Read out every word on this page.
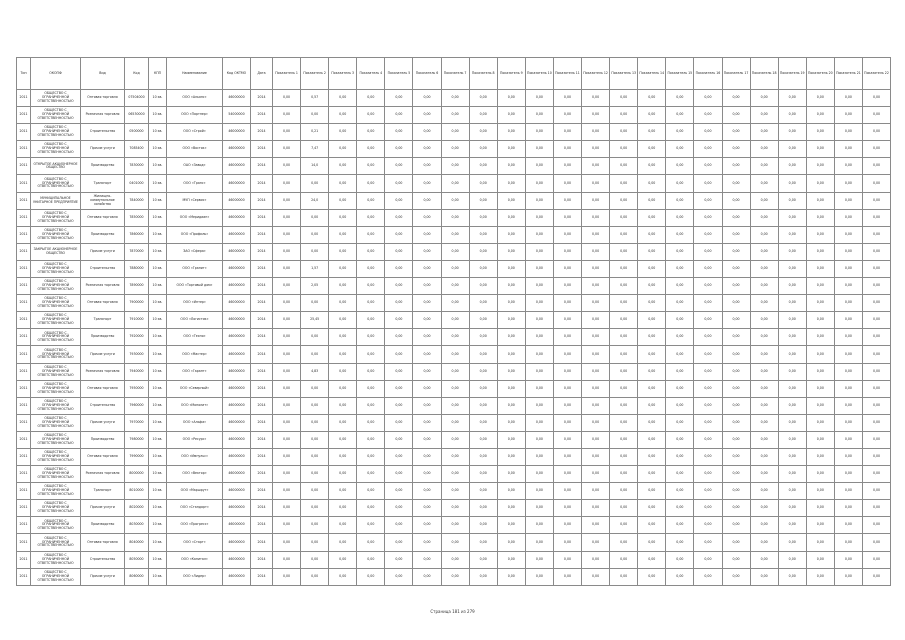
Тип	ОКОПФ	Вид	Код	КПП	Наименование	Код ОКТМО	Дата	Показатель 1	Показатель 2	Показатель 3	Показатель 4	Показатель 5	Показатель 6	Показатель 7	Показатель 8	Показатель 9	Показатель 10	Показатель 11	Показатель 12	Показатель 13	Показатель 14	Показатель 15	Показатель 16	Показатель 17	Показатель 18	Показатель 19	Показатель 20	Показатель 21	Показатель 22
2011	ОБЩЕСТВО С ОГРАНИЧЕННОЙ ОТВЕТСТВЕННОСТЬЮ	Оптовая торговля	07504000	10 кв.	ООО «Альянс»	46000000	2014	0,00	0,57	0,00	0,00	0,00	0,00	0,00	0,00	0,00	0,00	0,00	0,00	0,00	0,00	0,00	0,00	0,00	0,00	0,00	0,00	0,00	0,00
2011	ОБЩЕСТВО С ОГРАНИЧЕННОЙ ОТВЕТСТВЕННОСТЬЮ	Розничная торговля	06530000	10 кв.	ООО «Партнер»	54000000	2014	0,00	0,00	0,00	0,00	0,00	0,00	0,00	0,00	0,00	0,00	0,00	0,00	0,00	0,00	0,00	0,00	0,00	0,00	0,00	0,00	0,00	0,00
2011	ОБЩЕСТВО С ОГРАНИЧЕННОЙ ОТВЕТСТВЕННОСТЬЮ	Строительство	0500000	10 кв.	ООО «Строй»	46000000	2014	0,00	0,21	0,00	0,00	0,00	0,00	0,00	0,00	0,00	0,00	0,00	0,00	0,00	0,00	0,00	0,00	0,00	0,00	0,00	0,00	0,00	0,00
2011	ОБЩЕСТВО С ОГРАНИЧЕННОЙ ОТВЕТСТВЕННОСТЬЮ	Прочие услуги	7085400	10 кв.	ООО «Восток»	46000000	2014	0,00	7,47	0,00	0,00	0,00	0,00	0,00	0,00	0,00	0,00	0,00	0,00	0,00	0,00	0,00	0,00	0,00	0,00	0,00	0,00	0,00	0,00
2011	ОТКРЫТОЕ АКЦИОНЕРНОЕ ОБЩЕСТВО	Производство	7830000	10 кв.	ОАО «Завод»	46000000	2014	0,00	14,0	0,00	0,00	0,00	0,00	0,00	0,00	0,00	0,00	0,00	0,00	0,00	0,00	0,00	0,00	0,00	0,00	0,00	0,00	0,00	0,00
2011	ОБЩЕСТВО С ОГРАНИЧЕННОЙ ОТВЕТСТВЕННОСТЬЮ	Транспорт	0401000	10 кв.	ООО «Транс»	46000000	2014	0,00	0,00	0,00	0,00	0,00	0,00	0,00	0,00	0,00	0,00	0,00	0,00	0,00	0,00	0,00	0,00	0,00	0,00	0,00	0,00	0,00	0,00
2011	МУНИЦИПАЛЬНОЕ УНИТАРНОЕ ПРЕДПРИЯТИЕ	Жилищно-коммунальное хозяйство	7840000	10 кв.	МУП «Сервис»	46000000	2014	0,00	24,0	0,00	0,00	0,00	0,00	0,00	0,00	0,00	0,00	0,00	0,00	0,00	0,00	0,00	0,00	0,00	0,00	0,00	0,00	0,00	0,00
2011	ОБЩЕСТВО С ОГРАНИЧЕННОЙ ОТВЕТСТВЕННОСТЬЮ	Оптовая торговля	7850000	10 кв.	ООО «Меридиан»	46000000	2014	0,00	0,00	0,00	0,00	0,00	0,00	0,00	0,00	0,00	0,00	0,00	0,00	0,00	0,00	0,00	0,00	0,00	0,00	0,00	0,00	0,00	0,00
2011	ОБЩЕСТВО С ОГРАНИЧЕННОЙ ОТВЕТСТВЕННОСТЬЮ	Производство	7860000	10 кв.	ООО «Профиль»	46000000	2014	0,00	0,00	0,00	0,00	0,00	0,00	0,00	0,00	0,00	0,00	0,00	0,00	0,00	0,00	0,00	0,00	0,00	0,00	0,00	0,00	0,00	0,00
2011	ЗАКРЫТОЕ АКЦИОНЕРНОЕ ОБЩЕСТВО	Прочие услуги	7870000	10 кв.	ЗАО «Сфера»	46000000	2014	0,00	0,00	0,00	0,00	0,00	0,00	0,00	0,00	0,00	0,00	0,00	0,00	0,00	0,00	0,00	0,00	0,00	0,00	0,00	0,00	0,00	0,00
2011	ОБЩЕСТВО С ОГРАНИЧЕННОЙ ОТВЕТСТВЕННОСТЬЮ	Строительство	7880000	10 кв.	ООО «Гранит»	46000000	2014	0,00	1,57	0,00	0,00	0,00	0,00	0,00	0,00	0,00	0,00	0,00	0,00	0,00	0,00	0,00	0,00	0,00	0,00	0,00	0,00	0,00	0,00
2011	ОБЩЕСТВО С ОГРАНИЧЕННОЙ ОТВЕТСТВЕННОСТЬЮ	Розничная торговля	7890000	10 кв.	ООО «Торговый дом»	46000000	2014	0,00	2,05	0,00	0,00	0,00	0,00	0,00	0,00	0,00	0,00	0,00	0,00	0,00	0,00	0,00	0,00	0,00	0,00	0,00	0,00	0,00	0,00
2011	ОБЩЕСТВО С ОГРАНИЧЕННОЙ ОТВЕТСТВЕННОСТЬЮ	Оптовая торговля	7900000	10 кв.	ООО «Интер»	46000000	2014	0,00	0,00	0,00	0,00	0,00	0,00	0,00	0,00	0,00	0,00	0,00	0,00	0,00	0,00	0,00	0,00	0,00	0,00	0,00	0,00	0,00	0,00
2011	ОБЩЕСТВО С ОГРАНИЧЕННОЙ ОТВЕТСТВЕННОСТЬЮ	Транспорт	7910000	10 кв.	ООО «Логистик»	46000000	2014	0,00	25,45	0,00	0,00	0,00	0,00	0,00	0,00	0,00	0,00	0,00	0,00	0,00	0,00	0,00	0,00	0,00	0,00	0,00	0,00	0,00	0,00
2011	ОБЩЕСТВО С ОГРАНИЧЕННОЙ ОТВЕТСТВЕННОСТЬЮ	Производство	7920000	10 кв.	ООО «Техно»	46000000	2014	0,00	0,00	0,00	0,00	0,00	0,00	0,00	0,00	0,00	0,00	0,00	0,00	0,00	0,00	0,00	0,00	0,00	0,00	0,00	0,00	0,00	0,00
2011	ОБЩЕСТВО С ОГРАНИЧЕННОЙ ОТВЕТСТВЕННОСТЬЮ	Прочие услуги	7930000	10 кв.	ООО «Мастер»	46000000	2014	0,00	0,00	0,00	0,00	0,00	0,00	0,00	0,00	0,00	0,00	0,00	0,00	0,00	0,00	0,00	0,00	0,00	0,00	0,00	0,00	0,00	0,00
2011	ОБЩЕСТВО С ОГРАНИЧЕННОЙ ОТВЕТСТВЕННОСТЬЮ	Розничная торговля	7940000	10 кв.	ООО «Гарант»	46000000	2014	0,00	4,83	0,00	0,00	0,00	0,00	0,00	0,00	0,00	0,00	0,00	0,00	0,00	0,00	0,00	0,00	0,00	0,00	0,00	0,00	0,00	0,00
2011	ОБЩЕСТВО С ОГРАНИЧЕННОЙ ОТВЕТСТВЕННОСТЬЮ	Оптовая торговля	7950000	10 кв.	ООО «Северный»	46000000	2014	0,00	0,00	0,00	0,00	0,00	0,00	0,00	0,00	0,00	0,00	0,00	0,00	0,00	0,00	0,00	0,00	0,00	0,00	0,00	0,00	0,00	0,00
2011	ОБЩЕСТВО С ОГРАНИЧЕННОЙ ОТВЕТСТВЕННОСТЬЮ	Строительство	7960000	10 кв.	ООО «Монолит»	46000000	2014	0,00	0,00	0,00	0,00	0,00	0,00	0,00	0,00	0,00	0,00	0,00	0,00	0,00	0,00	0,00	0,00	0,00	0,00	0,00	0,00	0,00	0,00
2011	ОБЩЕСТВО С ОГРАНИЧЕННОЙ ОТВЕТСТВЕННОСТЬЮ	Прочие услуги	7970000	10 кв.	ООО «Альфа»	46000000	2014	0,00	0,00	0,00	0,00	0,00	0,00	0,00	0,00	0,00	0,00	0,00	0,00	0,00	0,00	0,00	0,00	0,00	0,00	0,00	0,00	0,00	0,00
2011	ОБЩЕСТВО С ОГРАНИЧЕННОЙ ОТВЕТСТВЕННОСТЬЮ	Производство	7980000	10 кв.	ООО «Ресурс»	46000000	2014	0,00	0,00	0,00	0,00	0,00	0,00	0,00	0,00	0,00	0,00	0,00	0,00	0,00	0,00	0,00	0,00	0,00	0,00	0,00	0,00	0,00	0,00
2011	ОБЩЕСТВО С ОГРАНИЧЕННОЙ ОТВЕТСТВЕННОСТЬЮ	Оптовая торговля	7990000	10 кв.	ООО «Импульс»	46000000	2014	0,00	0,00	0,00	0,00	0,00	0,00	0,00	0,00	0,00	0,00	0,00	0,00	0,00	0,00	0,00	0,00	0,00	0,00	0,00	0,00	0,00	0,00
2011	ОБЩЕСТВО С ОГРАНИЧЕННОЙ ОТВЕТСТВЕННОСТЬЮ	Розничная торговля	8000000	10 кв.	ООО «Вектор»	46000000	2014	0,00	0,00	0,00	0,00	0,00	0,00	0,00	0,00	0,00	0,00	0,00	0,00	0,00	0,00	0,00	0,00	0,00	0,00	0,00	0,00	0,00	0,00
2011	ОБЩЕСТВО С ОГРАНИЧЕННОЙ ОТВЕТСТВЕННОСТЬЮ	Транспорт	8010000	10 кв.	ООО «Маршрут»	46000000	2014	0,00	0,00	0,00	0,00	0,00	0,00	0,00	0,00	0,00	0,00	0,00	0,00	0,00	0,00	0,00	0,00	0,00	0,00	0,00	0,00	0,00	0,00
2011	ОБЩЕСТВО С ОГРАНИЧЕННОЙ ОТВЕТСТВЕННОСТЬЮ	Прочие услуги	8020000	10 кв.	ООО «Стандарт»	46000000	2014	0,00	0,00	0,00	0,00	0,00	0,00	0,00	0,00	0,00	0,00	0,00	0,00	0,00	0,00	0,00	0,00	0,00	0,00	0,00	0,00	0,00	0,00
2011	ОБЩЕСТВО С ОГРАНИЧЕННОЙ ОТВЕТСТВЕННОСТЬЮ	Производство	8030000	10 кв.	ООО «Прогресс»	46000000	2014	0,00	0,00	0,00	0,00	0,00	0,00	0,00	0,00	0,00	0,00	0,00	0,00	0,00	0,00	0,00	0,00	0,00	0,00	0,00	0,00	0,00	0,00
2011	ОБЩЕСТВО С ОГРАНИЧЕННОЙ ОТВЕТСТВЕННОСТЬЮ	Оптовая торговля	8040000	10 кв.	ООО «Старт»	46000000	2014	0,00	0,00	0,00	0,00	0,00	0,00	0,00	0,00	0,00	0,00	0,00	0,00	0,00	0,00	0,00	0,00	0,00	0,00	0,00	0,00	0,00	0,00
2011	ОБЩЕСТВО С ОГРАНИЧЕННОЙ ОТВЕТСТВЕННОСТЬЮ	Строительство	8050000	10 кв.	ООО «Капитал»	46000000	2014	0,00	0,00	0,00	0,00	0,00	0,00	0,00	0,00	0,00	0,00	0,00	0,00	0,00	0,00	0,00	0,00	0,00	0,00	0,00	0,00	0,00	0,00
2011	ОБЩЕСТВО С ОГРАНИЧЕННОЙ ОТВЕТСТВЕННОСТЬЮ	Прочие услуги	8060000	10 кв.	ООО «Лидер»	46000000	2014	0,00	0,00	0,00	0,00	0,00	0,00	0,00	0,00	0,00	0,00	0,00	0,00	0,00	0,00	0,00	0,00	0,00	0,00	0,00	0,00	0,00	0,00
Страница 181 из 279
